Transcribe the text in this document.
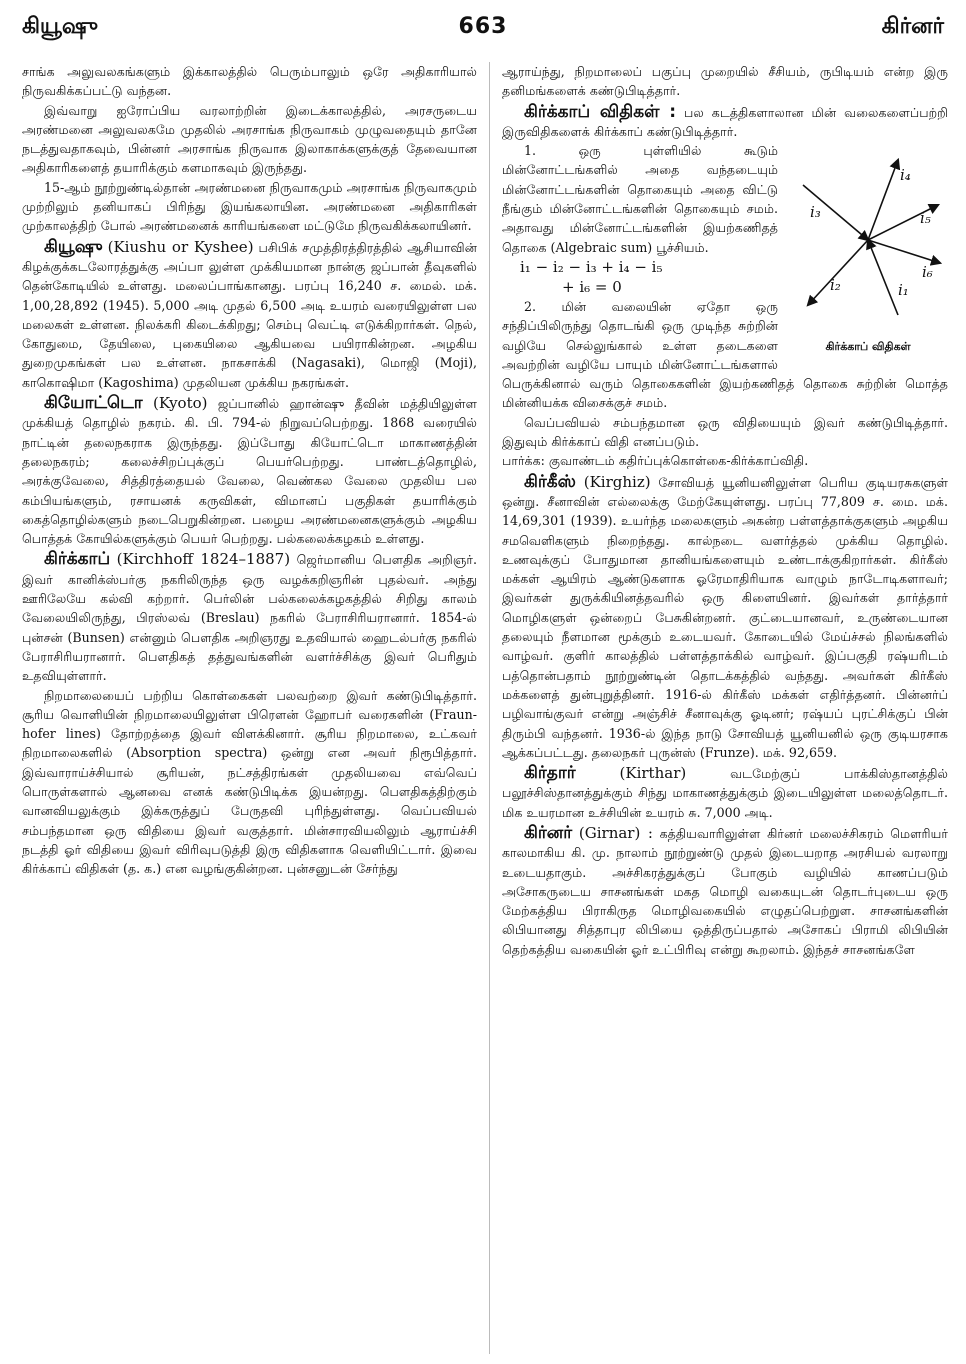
கியூஷு	663	கிர்னர்

சாங்க அலுவலகங்களும் இக்காலத்தில் பெரும்பாலும் ஒரே அதிகாரியால் நிருவகிக்கப்பட்டு வந்தன.

இவ்வாறு ஐரோப்பிய வரலாற்றின் இடைக்காலத்தில், அரசருடைய அரண்மனை அலுவலகமே முதலில் அரசாங்க நிருவாகம் முழுவதையும் தானே நடத்துவதாகவும், பின்னர் அரசாங்க நிருவாக இலாகாக்களுக்குத் தேவையான அதிகாரிகளைத் தயாரிக்கும் களமாகவும் இருந்தது.

15-ஆம் நூற்றுண்டில்தான் அரண்மனை நிருவாகமும் அரசாங்க நிருவாகமும் முற்றிலும் தனியாகப் பிரிந்து இயங்கலாயின. அரண்மனை அதிகாரிகள் முற்காலத்திற் போல் அரண்மனைக் காரியங்களை மட்டுமே நிருவகிக்கலாயினர்.

கியூஷு (Kiushu or Kyshee) பசிபிக் சமுத்திரத்திரத்தில் ஆசியாவின் கிழக்குக்கடலோரத்துக்கு அப்பா லுள்ள முக்கியமான நான்கு ஜப்பான் தீவுகளில் தென்கோடியில் உள்ளது. மலைப்பாங்கானது. பரப்பு 16,240 ச. மைல். மக். 1,00,28,892 (1945). 5,000 அடி முதல் 6,500 அடி உயரம் வரையிலுள்ள பல மலைகள் உள்ளன. நிலக்கரி கிடைக்கிறது; செம்பு வெட்டி எடுக்கிறார்கள். நெல், கோதுமை, தேயிலை, புகையிலை ஆகியவை பயிராகின்றன. அழகிய துறைமுகங்கள் பல உள்ளன. நாகசாக்கி (Nagasaki), மொஜி (Moji), காகொஷிமா (Kagoshima) முதலியன முக்கிய நகரங்கள்.

கியோட்டொ (Kyoto) ஜப்பானில் ஹான்ஷு தீவின் மத்தியிலுள்ள முக்கியத் தொழில் நகரம். கி. பி. 794-ல் நிறுவப்பெற்றது. 1868 வரையில் நாட்டின் தலைநகராக இருந்தது. இப்போது கியோட்டொ மாகாணத்தின் தலைநகரம்; கலைச்சிறப்புக்குப் பெயர்பெற்றது. பாண்டத்தொழில், அரக்குவேலை, சித்திரத்தையல் வேலை, வெண்கல வேலை முதலிய பல கம்பியங்களும், ரசாயனக் கருவிகள், விமானப் பகுதிகள் தயாரிக்கும் கைத்தொழில்களும் நடைபெறுகின்றன. பழைய அரண்மனைகளுக்கும் அழகிய பொத்தக் கோயில்களுக்கும் பெயர் பெற்றது. பல்கலைக்கழகம் உள்ளது.

கிர்க்காப் (Kirchhoff 1824–1887) ஜெர்மானிய பௌதிக அறிஞர். இவர் கானிக்ஸ்பர்கு நகரிலிருந்த ஒரு வழக்கறிஞரின் புதல்வர். அந்து ஊரிலேயே கல்வி கற்றார். பெர்லின் பல்கலைக்கழகத்தில் சிறிது காலம் வேலையிலிருந்து, பிரஸ்லவ் (Breslau) நகரில் பேராசிரியரானார். 1854-ல் புன்சன் (Bunsen) என்னும் பௌதிக அறிஞரது உதவியால் ஹைடல்பர்கு நகரில் பேராசிரியரானார். பௌதிகத் தத்துவங்களின் வளர்ச்சிக்கு இவர் பெரிதும் உதவியுள்ளார்.

நிறமாலையைப் பற்றிய கொள்கைகள் பலவற்றை இவர் கண்டுபிடித்தார். சூரிய வொளியின் நிறமாலையிலுள்ள பிரௌன் ஹோபர் வரைகளின் (Fraun-hofer lines) தோற்றத்தை இவர் விளக்கினார். சூரிய நிறமாலை, உட்கவர் நிறமாலைகளில் (Absorption spectra) ஒன்று என அவர் நிரூபித்தார். இவ்வாராய்ச்சியால் சூரியன், நட்சத்திரங்கள் முதலியவை எவ்வெப் பொருள்களால் ஆனவை எனக் கண்டுபிடிக்க இயன்றது. பௌதிகத்திற்கும் வானவியலுக்கும் இக்கருத்துப் பேருதவி புரிந்துள்ளது. வெப்பவியல் சம்பந்தமான ஒரு விதியை இவர் வகுத்தார். மின்சாரவியலிலும் ஆராய்ச்சி நடத்தி ஓர் விதியை இவர் விரிவுபடுத்தி இரு விதிகளாக வெளியிட்டார். இவை கிர்க்காப் விதிகள் (த. க.) என வழங்குகின்றன. புன்சனுடன் சேர்ந்து

ஆராய்ந்து, நிறமாலைப் பகுப்பு முறையில் சீசியம், ருபிடியம் என்ற இரு தனிமங்களைக் கண்டுபிடித்தார்.

கிர்க்காப் விதிகள் : பல கடத்திகளாலான மின் வலைகளைப்பற்றி இருவிதிகளைக் கிர்க்காப் கண்டுபிடித்தார்.

i₄
i₅
i₆
i₁
i₂
i₃
கிர்க்காப் விதிகள்

1. ஒரு புள்ளியில் கூடும் மின்னோட்டங்களில் அதை வந்தடையும் மின்னோட்டங்களின் தொகையும் அதை விட்டு நீங்கும் மின்னோட்டங்களின் தொகையும் சமம். அதாவது மின்னோட்டங்களின் இயற்கணிதத் தொகை (Algebraic sum) பூச்சியம்.

i₁ − i₂ − i₃ + i₄ − i₅
+ i₆ = 0

2. மின் வலையின் ஏதோ ஒரு சந்திப்பிலிருந்து தொடங்கி ஒரு முடிந்த சுற்றின் வழியே செல்லுங்கால் உள்ள தடைகளை அவற்றின் வழியே பாயும் மின்னோட்டங்களால் பெருக்கினால் வரும் தொகைகளின் இயற்கணிதத் தொகை சுற்றின் மொத்த மின்னியக்க விசைக்குச் சமம்.

வெப்பவியல் சம்பந்தமான ஒரு விதியையும் இவர் கண்டுபிடித்தார். இதுவும் கிர்க்காப் விதி எனப்படும்.

பார்க்க: குவாண்டம் கதிர்ப்புக்கொள்கை-கிர்க்காப்விதி.

கிர்கீஸ் (Kirghiz) சோவியத் யூனியனிலுள்ள பெரிய குடியரசுகளுள் ஒன்று. சீனாவின் எல்லைக்கு மேற்கேயுள்ளது. பரப்பு 77,809 ச. மை. மக். 14,69,301 (1939). உயர்ந்த மலைகளும் அகன்ற பள்ளத்தாக்குகளும் அழகிய சமவெளிகளும் நிறைந்தது. கால்நடை வளர்த்தல் முக்கிய தொழில். உணவுக்குப் போதுமான தானியங்களையும் உண்டாக்குகிறார்கள். கிர்கீஸ் மக்கள் ஆயிரம் ஆண்டுகளாக ஓரேமாதிரியாக வாழும் நாடோடிகளாவர்; இவர்கள் துருக்கியினத்தவரில் ஒரு கிளையினர். இவர்கள் தார்த்தார் மொழிகளுள் ஒன்றைப் பேசுகின்றனர். குட்டையானவர், உருண்டையான தலையும் நீளமான மூக்கும் உடையவர். கோடையில் மேய்ச்சல் நிலங்களில் வாழ்வர். குளிர் காலத்தில் பள்ளத்தாக்கில் வாழ்வர். இப்பகுதி ரஷ்யரிடம் பத்தொன்பதாம் நூற்றுண்டின் தொடக்கத்தில் வந்தது. அவர்கள் கிர்கீஸ் மக்களைத் துன்புறுத்தினர். 1916-ல் கிர்கீஸ் மக்கள் எதிர்த்தனர். பின்னர்ப் பழிவாங்குவர் என்று அஞ்சிச் சீனாவுக்கு ஓடினர்; ரஷ்யப் புரட்சிக்குப் பின் திரும்பி வந்தனர். 1936-ல் இந்த நாடு சோவியத் யூனியனில் ஒரு குடியரசாக ஆக்கப்பட்டது. தலைநகர் புருன்ஸ் (Frunze). மக். 92,659.

கிர்தார்	(Kirthar)	வடமேற்குப் பாக்கிஸ்தானத்தில் பலூச்சிஸ்தானத்துக்கும் சிந்து மாகாணத்துக்கும் இடையிலுள்ள மலைத்தொடர். மிக உயரமான உச்சியின் உயரம் சு. 7,000 அடி.

கிர்னர் (Girnar) : கத்தியவாரிலுள்ள கிர்னர் மலைச்சிகரம் மௌரியர் காலமாகிய கி. மு. நாலாம் நூற்றுண்டு முதல் இடையறாத அரசியல் வரலாறு உடையதாகும். அச்சிகரத்துக்குப் போகும் வழியில் காணப்படும் அசோகருடைய சாசனங்கள் மகத மொழி வகையுடன் தொடர்புடைய ஒரு மேற்கத்திய பிராகிருத மொழிவகையில் எழுதப்பெற்றுள. சாசனங்களின் லிபியானது சித்தாபுர லிபியை ஒத்திருப்பதால் அசோகப் பிராமி லிபியின் தெற்கத்திய வகையின் ஓர் உட்பிரிவு என்று கூறலாம். இந்தச் சாசனங்களே
